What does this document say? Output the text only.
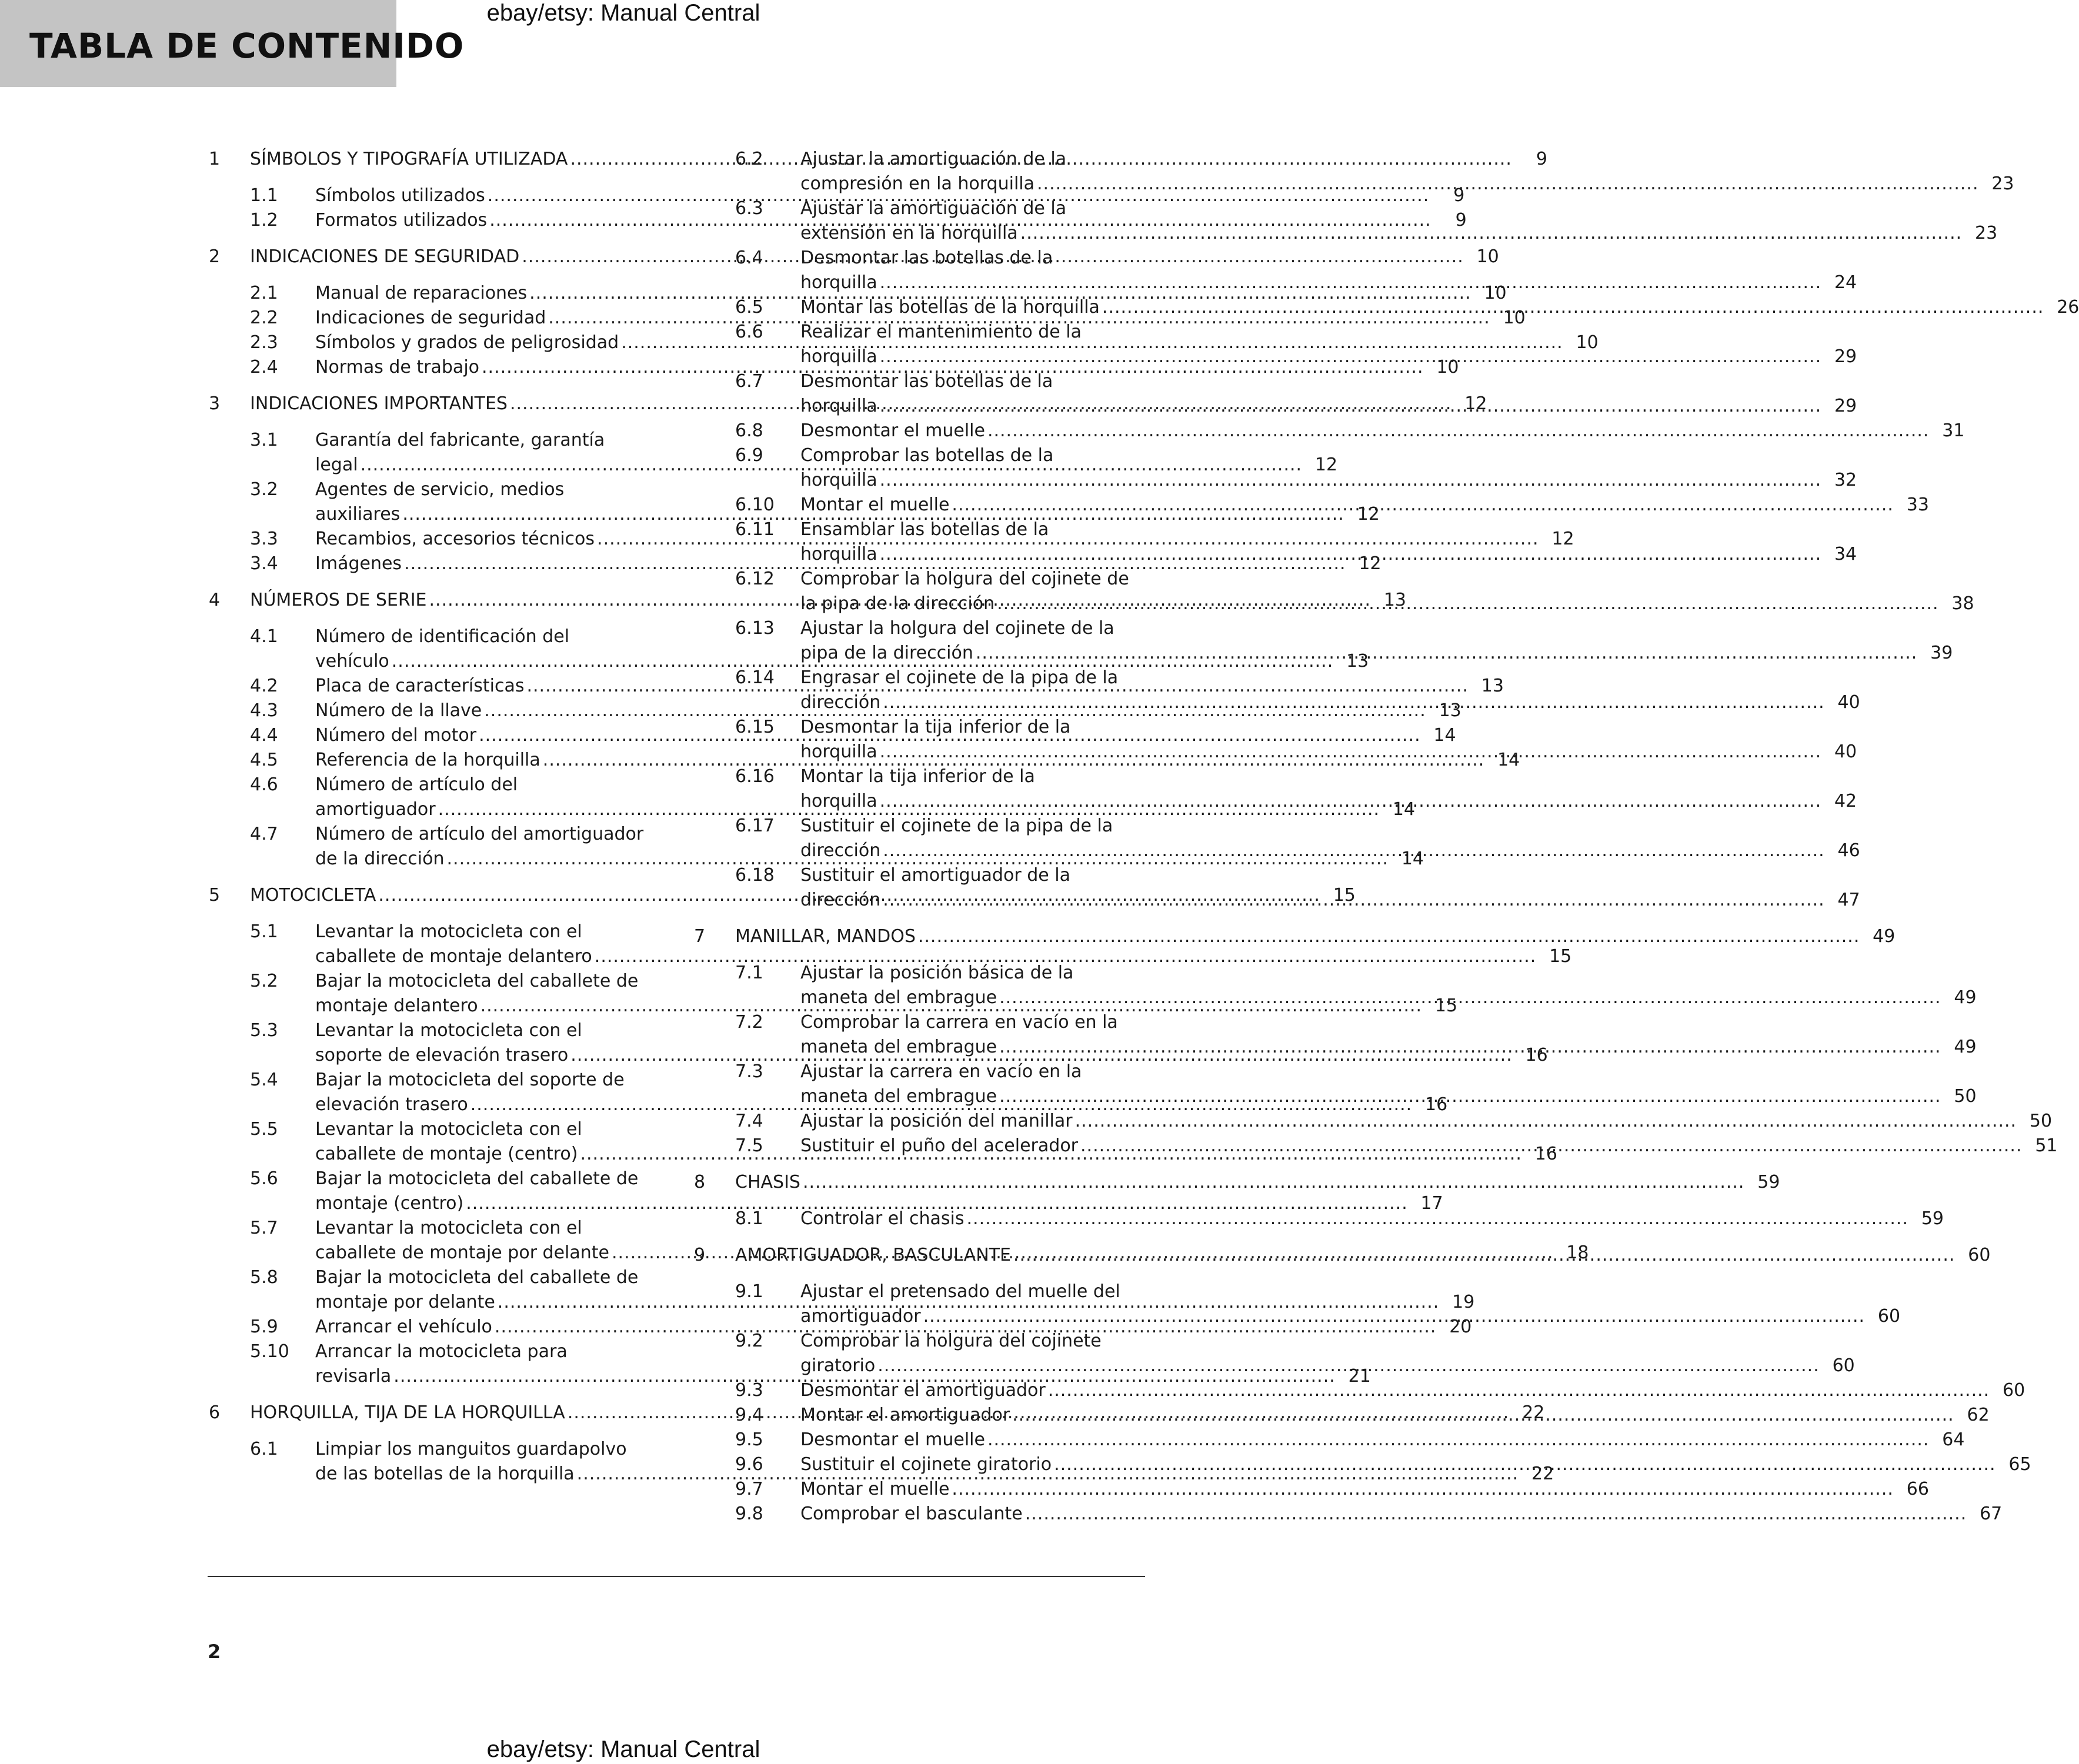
TABLA DE CONTENIDO
ebay/etsy: Manual Central
1 SÍMBOLOS Y TIPOGRAFÍA UTILIZADA .....	9
1.1 Símbolos utilizados .....	9
1.2 Formatos utilizados .....	9
2 INDICACIONES DE SEGURIDAD .....	10
2.1 Manual de reparaciones .....	10
2.2 Indicaciones de seguridad .....	10
2.3 Símbolos y grados de peligrosidad .....	10
2.4 Normas de trabajo .....	10
3 INDICACIONES IMPORTANTES .....	12
3.1 Garantía del fabricante, garantía
legal .....	12
3.2 Agentes de servicio, medios
auxiliares .....	12
3.3 Recambios, accesorios técnicos .....	12
3.4 Imágenes .....	12
4 NÚMEROS DE SERIE .....	13
4.1 Número de identificación del
vehículo .....	13
4.2 Placa de características .....	13
4.3 Número de la llave .....	13
4.4 Número del motor .....	14
4.5 Referencia de la horquilla .....	14
4.6 Número de artículo del
amortiguador .....	14
4.7 Número de artículo del amortiguador
de la dirección .....	14
5 MOTOCICLETA .....	15
5.1 Levantar la motocicleta con el
caballete de montaje delantero .....	15
5.2 Bajar la motocicleta del caballete de
montaje delantero .....	15
5.3 Levantar la motocicleta con el
soporte de elevación trasero .....	16
5.4 Bajar la motocicleta del soporte de
elevación trasero .....	16
5.5 Levantar la motocicleta con el
caballete de montaje (centro) .....	16
5.6 Bajar la motocicleta del caballete de
montaje (centro) .....	17
5.7 Levantar la motocicleta con el
caballete de montaje por delante .....	18
5.8 Bajar la motocicleta del caballete de
montaje por delante .....	19
5.9 Arrancar el vehículo .....	20
5.10 Arrancar la motocicleta para
revisarla .....	21
6 HORQUILLA, TIJA DE LA HORQUILLA .....	22
6.1 Limpiar los manguitos guardapolvo
de las botellas de la horquilla .....	22
6.2 Ajustar la amortiguación de la
compresión en la horquilla .....	23
6.3 Ajustar la amortiguación de la
extensión en la horquilla .....	23
6.4 Desmontar las botellas de la
horquilla .....	24
6.5 Montar las botellas de la horquilla .....	26
6.6 Realizar el mantenimiento de la
horquilla .....	29
6.7 Desmontar las botellas de la
horquilla .....	29
6.8 Desmontar el muelle .....	31
6.9 Comprobar las botellas de la
horquilla .....	32
6.10 Montar el muelle .....	33
6.11 Ensamblar las botellas de la
horquilla .....	34
6.12 Comprobar la holgura del cojinete de
la pipa de la dirección .....	38
6.13 Ajustar la holgura del cojinete de la
pipa de la dirección .....	39
6.14 Engrasar el cojinete de la pipa de la
dirección .....	40
6.15 Desmontar la tija inferior de la
horquilla .....	40
6.16 Montar la tija inferior de la
horquilla .....	42
6.17 Sustituir el cojinete de la pipa de la
dirección .....	46
6.18 Sustituir el amortiguador de la
dirección .....	47
7 MANILLAR, MANDOS .....	49
7.1 Ajustar la posición básica de la
maneta del embrague .....	49
7.2 Comprobar la carrera en vacío en la
maneta del embrague .....	49
7.3 Ajustar la carrera en vacío en la
maneta del embrague .....	50
7.4 Ajustar la posición del manillar .....	50
7.5 Sustituir el puño del acelerador .....	51
8 CHASIS .....	59
8.1 Controlar el chasis .....	59
9 AMORTIGUADOR, BASCULANTE .....	60
9.1 Ajustar el pretensado del muelle del
amortiguador .....	60
9.2 Comprobar la holgura del cojinete
giratorio .....	60
9.3 Desmontar el amortiguador .....	60
9.4 Montar el amortiguador .....	62
9.5 Desmontar el muelle .....	64
9.6 Sustituir el cojinete giratorio .....	65
9.7 Montar el muelle .....	66
9.8 Comprobar el basculante .....	67
2
ebay/etsy: Manual Central
